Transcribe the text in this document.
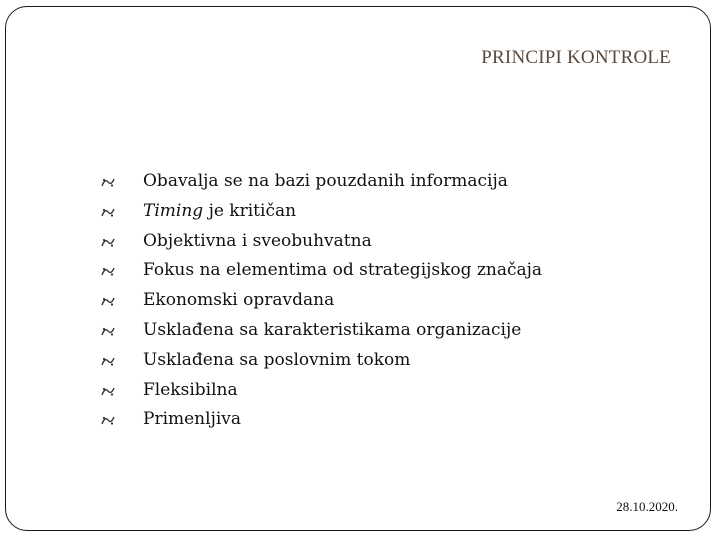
PRINCIPI KONTROLE
Obavalja se na bazi pouzdanih informacija
Timing je kritičan
Objektivna i sveobuhvatna
Fokus na elementima od strategijskog značaja
Ekonomski opravdana
Usklađena sa karakteristikama organizacije
Usklađena sa poslovnim tokom
Fleksibilna
Primenljiva
28.10.2020.
